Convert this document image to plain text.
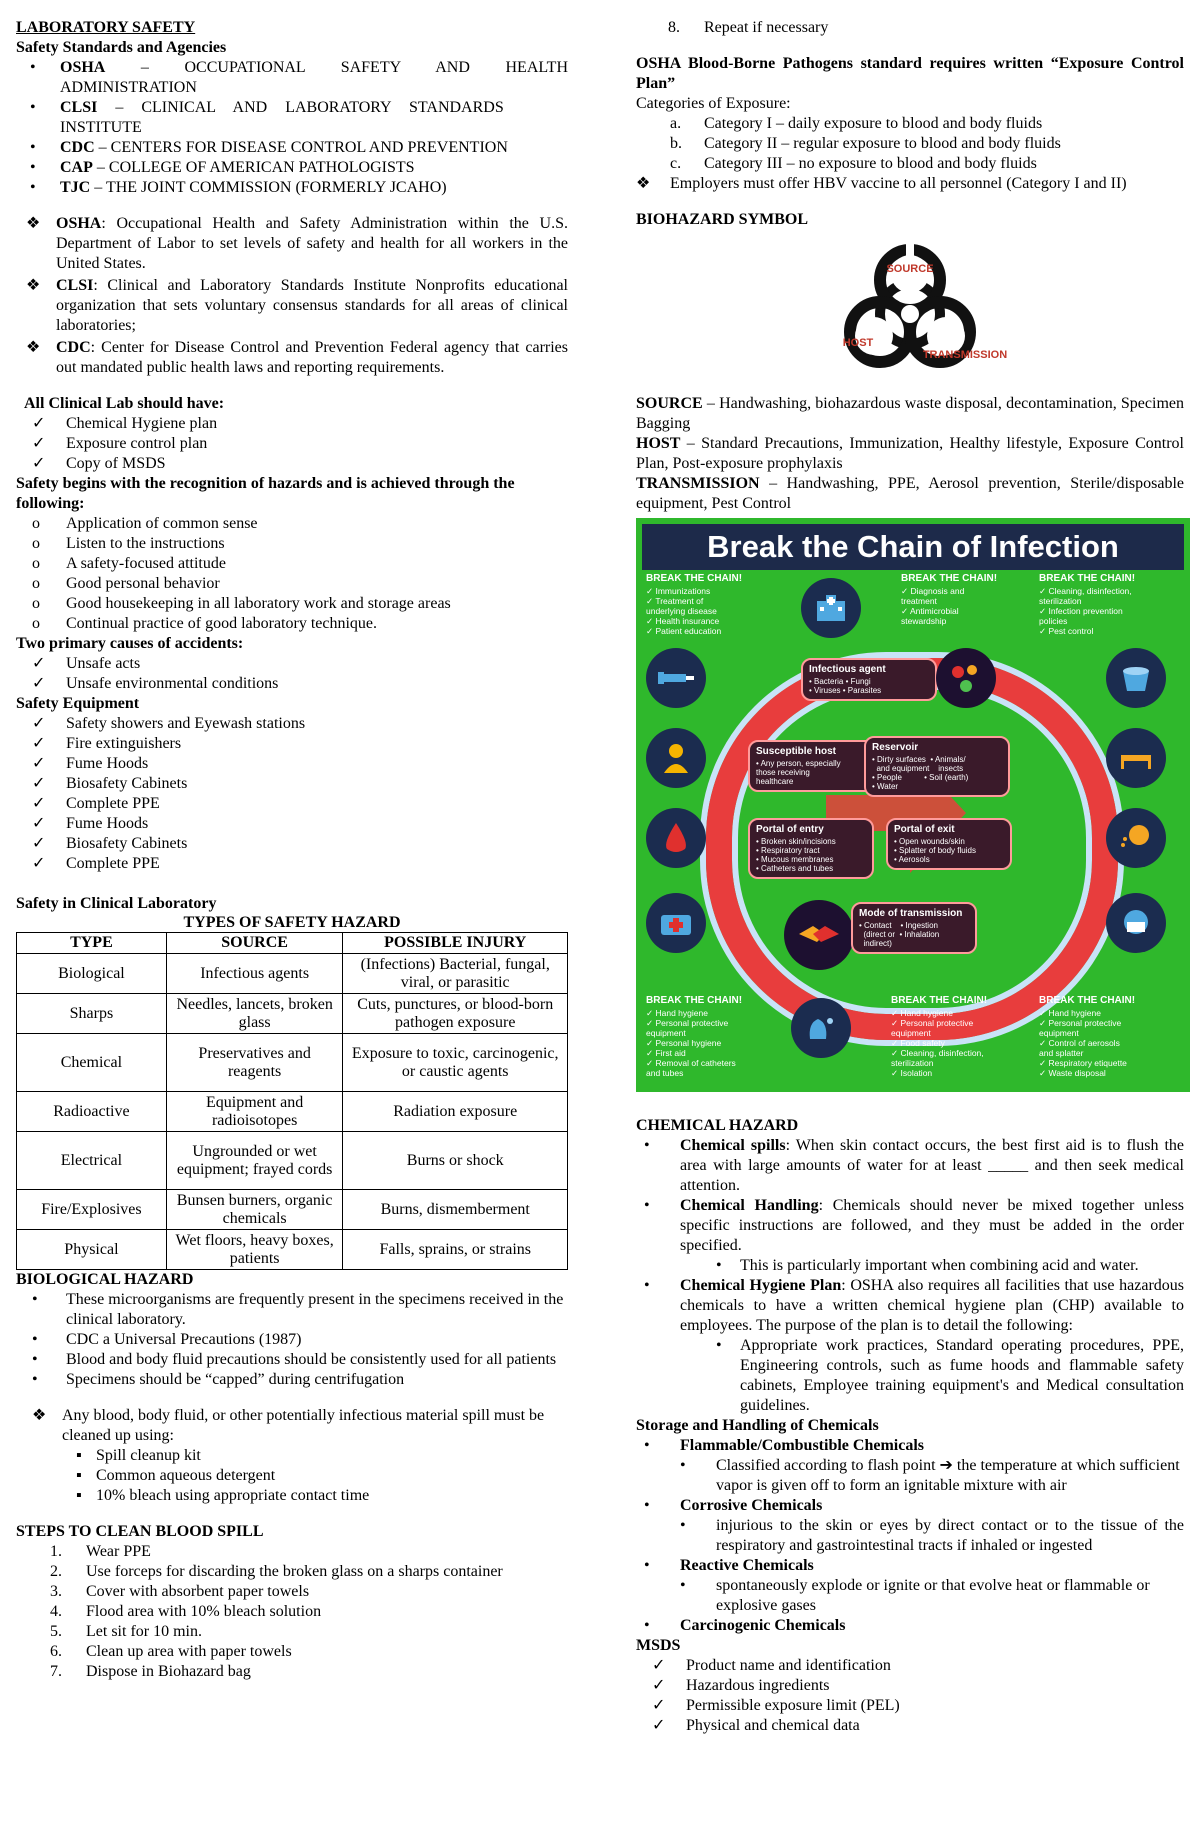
LABORATORY SAFETY
Safety Standards and Agencies
•	OSHA – OCCUPATIONAL SAFETY AND HEALTH ADMINISTRATION
•	CLSI – CLINICAL AND LABORATORY STANDARDS INSTITUTE
•	CDC – CENTERS FOR DISEASE CONTROL AND PREVENTION
•	CAP – COLLEGE OF AMERICAN PATHOLOGISTS
•	TJC – THE JOINT COMMISSION (FORMERLY JCAHO)
❖ OSHA: Occupational Health and Safety Administration within the U.S. Department of Labor to set levels of safety and health for all workers in the United States.
❖ CLSI: Clinical and Laboratory Standards Institute Nonprofits educational organization that sets voluntary consensus standards for all areas of clinical laboratories;
❖ CDC: Center for Disease Control and Prevention Federal agency that carries out mandated public health laws and reporting requirements.
All Clinical Lab should have:
✓	Chemical Hygiene plan
✓	Exposure control plan
✓	Copy of MSDS
Safety begins with the recognition of hazards and is achieved through the following:
o	Application of common sense
o	Listen to the instructions
o	A safety-focused attitude
o	Good personal behavior
o	Good housekeeping in all laboratory work and storage areas
o	Continual practice of good laboratory technique.
Two primary causes of accidents:
✓	Unsafe acts
✓	Unsafe environmental conditions
Safety Equipment
✓	Safety showers and Eyewash stations
✓	Fire extinguishers
✓	Fume Hoods
✓	Biosafety Cabinets
✓	Complete PPE
✓	Fume Hoods
✓	Biosafety Cabinets
✓	Complete PPE
Safety in Clinical Laboratory
TYPES OF SAFETY HAZARD
TYPE	SOURCE	POSSIBLE INJURY
Biological	Infectious agents	(Infections) Bacterial, fungal, viral, or parasitic
Sharps	Needles, lancets, broken glass	Cuts, punctures, or blood-born pathogen exposure
Chemical	Preservatives and reagents	Exposure to toxic, carcinogenic, or caustic agents
Radioactive	Equipment and radioisotopes	Radiation exposure
Electrical	Ungrounded or wet equipment; frayed cords	Burns or shock
Fire/Explosives	Bunsen burners, organic chemicals	Burns, dismemberment
Physical	Wet floors, heavy boxes, patients	Falls, sprains, or strains
BIOLOGICAL HAZARD
•	These microorganisms are frequently present in the specimens received in the clinical laboratory.
•	CDC a Universal Precautions (1987)
•	Blood and body fluid precautions should be consistently used for all patients
•	Specimens should be “capped” during centrifugation
❖ Any blood, body fluid, or other potentially infectious material spill must be cleaned up using:
▪ Spill cleanup kit
▪ Common aqueous detergent
▪ 10% bleach using appropriate contact time
STEPS TO CLEAN BLOOD SPILL
1.	Wear PPE
2.	Use forceps for discarding the broken glass on a sharps container
3.	Cover with absorbent paper towels
4.	Flood area with 10% bleach solution
5.	Let sit for 10 min.
6.	Clean up area with paper towels
7.	Dispose in Biohazard bag
8.	Repeat if necessary
OSHA Blood-Borne Pathogens standard requires written “Exposure Control Plan”
Categories of Exposure:
a.	Category I – daily exposure to blood and body fluids
b.	Category II – regular exposure to blood and body fluids
c.	Category III – no exposure to blood and body fluids
❖	Employers must offer HBV vaccine to all personnel (Category I and II)
BIOHAZARD SYMBOL
SOURCE
HOST
TRANSMISSION
SOURCE – Handwashing, biohazardous waste disposal, decontamination, Specimen Bagging
HOST – Standard Precautions, Immunization, Healthy lifestyle, Exposure Control Plan, Post-exposure prophylaxis
TRANSMISSION – Handwashing, PPE, Aerosol prevention, Sterile/disposable equipment, Pest Control
Break the Chain of Infection
BREAK THE CHAIN!
✓ Immunizations
✓ Treatment of
underlying disease
✓ Health insurance
✓ Patient education
BREAK THE CHAIN!
✓ Diagnosis and
treatment
✓ Antimicrobial
stewardship
BREAK THE CHAIN!
✓ Cleaning, disinfection,
sterilization
✓ Infection prevention
policies
✓ Pest control
Infectious agent
• Bacteria • Fungi
• Viruses • Parasites
Susceptible host
• Any person, especially
those receiving
healthcare
Reservoir
• Dirty surfaces  • Animals/
and equipment    insects
• People          • Soil (earth)
• Water
Portal of entry
• Broken skin/incisions
• Respiratory tract
• Mucous membranes
• Catheters and tubes
Portal of exit
• Open wounds/skin
• Splatter of body fluids
• Aerosols
Mode of transmission
• Contact    • Ingestion
(direct or  • Inhalation
indirect)
BREAK THE CHAIN!
✓ Hand hygiene
✓ Personal protective
equipment
✓ Personal hygiene
✓ First aid
✓ Removal of catheters
and tubes
BREAK THE CHAIN!
✓ Hand hygiene
✓ Personal protective
equipment
✓ Food safety
✓ Cleaning, disinfection,
sterilization
✓ Isolation
BREAK THE CHAIN!
✓ Hand hygiene
✓ Personal protective
equipment
✓ Control of aerosols
and splatter
✓ Respiratory etiquette
✓ Waste disposal
CHEMICAL HAZARD
•	Chemical spills: When skin contact occurs, the best first aid is to flush the area with large amounts of water for at least _____ and then seek medical attention.
•	Chemical Handling: Chemicals should never be mixed together unless specific instructions are followed, and they must be added in the order specified.
•	This is particularly important when combining acid and water.
•	Chemical Hygiene Plan: OSHA also requires all facilities that use hazardous chemicals to have a written chemical hygiene plan (CHP) available to employees. The purpose of the plan is to detail the following:
•	Appropriate work practices, Standard operating procedures, PPE, Engineering controls, such as fume hoods and flammable safety cabinets, Employee training equipment's and Medical consultation guidelines.
Storage and Handling of Chemicals
•	Flammable/Combustible Chemicals
•	Classified according to flash point ➔ the temperature at which sufficient vapor is given off to form an ignitable mixture with air
•	Corrosive Chemicals
•	injurious to the skin or eyes by direct contact or to the tissue of the respiratory and gastrointestinal tracts if inhaled or ingested
•	Reactive Chemicals
•	spontaneously explode or ignite or that evolve heat or flammable or explosive gases
•	Carcinogenic Chemicals
MSDS
✓	Product name and identification
✓	Hazardous ingredients
✓	Permissible exposure limit (PEL)
✓	Physical and chemical data
